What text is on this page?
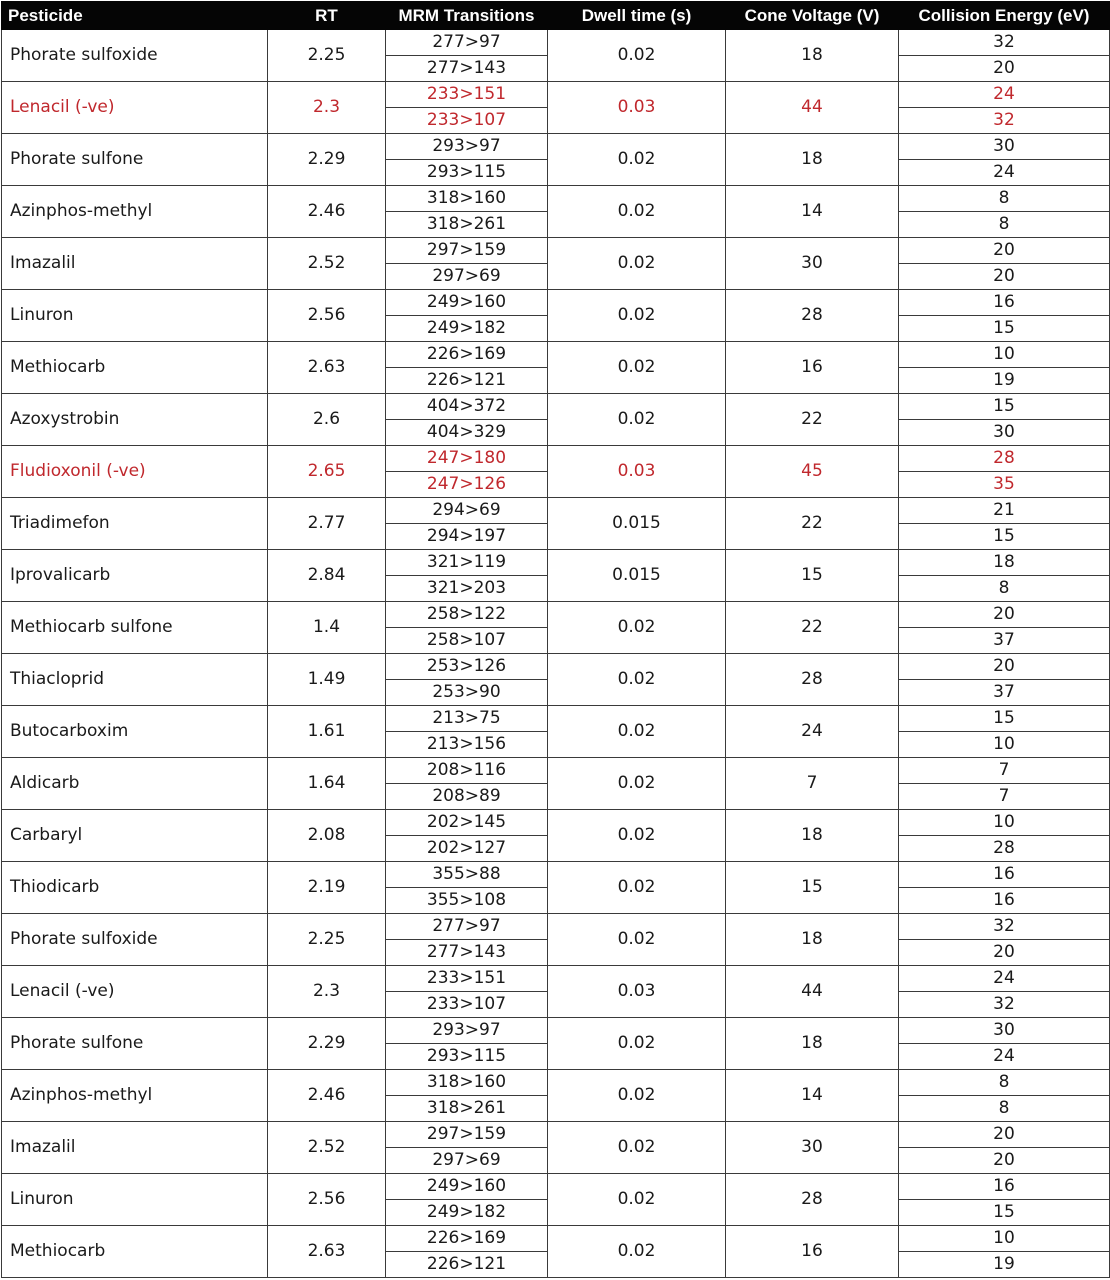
Pesticide	RT	MRM Transitions	Dwell time (s)	Cone Voltage (V)	Collision Energy (eV)
Phorate sulfoxide	2.25	277>97	0.02	18	32
		277>143			20
Lenacil (-ve)	2.3	233>151	0.03	44	24
		233>107			32
Phorate sulfone	2.29	293>97	0.02	18	30
		293>115			24
Azinphos-methyl	2.46	318>160	0.02	14	8
		318>261			8
Imazalil	2.52	297>159	0.02	30	20
		297>69			20
Linuron	2.56	249>160	0.02	28	16
		249>182			15
Methiocarb	2.63	226>169	0.02	16	10
		226>121			19
Azoxystrobin	2.6	404>372	0.02	22	15
		404>329			30
Fludioxonil (-ve)	2.65	247>180	0.03	45	28
		247>126			35
Triadimefon	2.77	294>69	0.015	22	21
		294>197			15
Iprovalicarb	2.84	321>119	0.015	15	18
		321>203			8
Methiocarb sulfone	1.4	258>122	0.02	22	20
		258>107			37
Thiacloprid	1.49	253>126	0.02	28	20
		253>90			37
Butocarboxim	1.61	213>75	0.02	24	15
		213>156			10
Aldicarb	1.64	208>116	0.02	7	7
		208>89			7
Carbaryl	2.08	202>145	0.02	18	10
		202>127			28
Thiodicarb	2.19	355>88	0.02	15	16
		355>108			16
Phorate sulfoxide	2.25	277>97	0.02	18	32
		277>143			20
Lenacil (-ve)	2.3	233>151	0.03	44	24
		233>107			32
Phorate sulfone	2.29	293>97	0.02	18	30
		293>115			24
Azinphos-methyl	2.46	318>160	0.02	14	8
		318>261			8
Imazalil	2.52	297>159	0.02	30	20
		297>69			20
Linuron	2.56	249>160	0.02	28	16
		249>182			15
Methiocarb	2.63	226>169	0.02	16	10
		226>121			19
